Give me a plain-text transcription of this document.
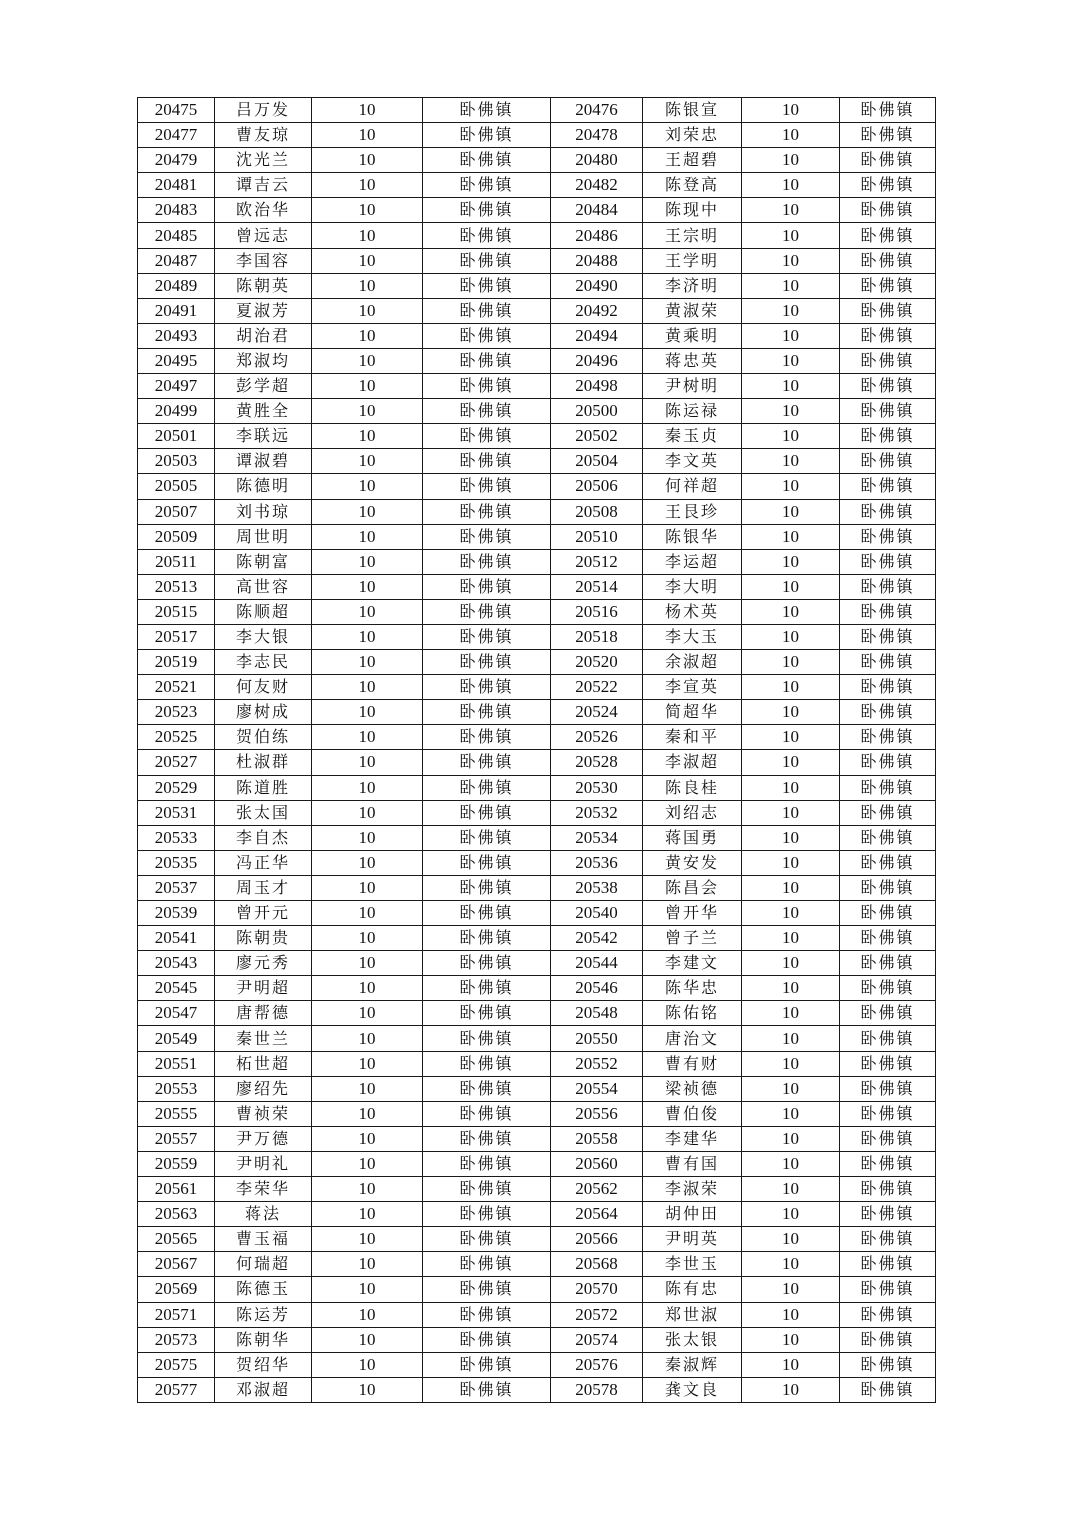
20475	吕万发	10	卧佛镇	20476	陈银宣	10	卧佛镇
20477	曹友琼	10	卧佛镇	20478	刘荣忠	10	卧佛镇
20479	沈光兰	10	卧佛镇	20480	王超碧	10	卧佛镇
20481	谭吉云	10	卧佛镇	20482	陈登高	10	卧佛镇
20483	欧治华	10	卧佛镇	20484	陈现中	10	卧佛镇
20485	曾远志	10	卧佛镇	20486	王宗明	10	卧佛镇
20487	李国容	10	卧佛镇	20488	王学明	10	卧佛镇
20489	陈朝英	10	卧佛镇	20490	李济明	10	卧佛镇
20491	夏淑芳	10	卧佛镇	20492	黄淑荣	10	卧佛镇
20493	胡治君	10	卧佛镇	20494	黄乘明	10	卧佛镇
20495	郑淑均	10	卧佛镇	20496	蒋忠英	10	卧佛镇
20497	彭学超	10	卧佛镇	20498	尹树明	10	卧佛镇
20499	黄胜全	10	卧佛镇	20500	陈运禄	10	卧佛镇
20501	李联远	10	卧佛镇	20502	秦玉贞	10	卧佛镇
20503	谭淑碧	10	卧佛镇	20504	李文英	10	卧佛镇
20505	陈德明	10	卧佛镇	20506	何祥超	10	卧佛镇
20507	刘书琼	10	卧佛镇	20508	王艮珍	10	卧佛镇
20509	周世明	10	卧佛镇	20510	陈银华	10	卧佛镇
20511	陈朝富	10	卧佛镇	20512	李运超	10	卧佛镇
20513	高世容	10	卧佛镇	20514	李大明	10	卧佛镇
20515	陈顺超	10	卧佛镇	20516	杨术英	10	卧佛镇
20517	李大银	10	卧佛镇	20518	李大玉	10	卧佛镇
20519	李志民	10	卧佛镇	20520	余淑超	10	卧佛镇
20521	何友财	10	卧佛镇	20522	李宣英	10	卧佛镇
20523	廖树成	10	卧佛镇	20524	简超华	10	卧佛镇
20525	贺伯练	10	卧佛镇	20526	秦和平	10	卧佛镇
20527	杜淑群	10	卧佛镇	20528	李淑超	10	卧佛镇
20529	陈道胜	10	卧佛镇	20530	陈良桂	10	卧佛镇
20531	张太国	10	卧佛镇	20532	刘绍志	10	卧佛镇
20533	李自杰	10	卧佛镇	20534	蒋国勇	10	卧佛镇
20535	冯正华	10	卧佛镇	20536	黄安发	10	卧佛镇
20537	周玉才	10	卧佛镇	20538	陈昌会	10	卧佛镇
20539	曾开元	10	卧佛镇	20540	曾开华	10	卧佛镇
20541	陈朝贵	10	卧佛镇	20542	曾子兰	10	卧佛镇
20543	廖元秀	10	卧佛镇	20544	李建文	10	卧佛镇
20545	尹明超	10	卧佛镇	20546	陈华忠	10	卧佛镇
20547	唐帮德	10	卧佛镇	20548	陈佑铭	10	卧佛镇
20549	秦世兰	10	卧佛镇	20550	唐治文	10	卧佛镇
20551	柘世超	10	卧佛镇	20552	曹有财	10	卧佛镇
20553	廖绍先	10	卧佛镇	20554	梁祯德	10	卧佛镇
20555	曹祯荣	10	卧佛镇	20556	曹伯俊	10	卧佛镇
20557	尹万德	10	卧佛镇	20558	李建华	10	卧佛镇
20559	尹明礼	10	卧佛镇	20560	曹有国	10	卧佛镇
20561	李荣华	10	卧佛镇	20562	李淑荣	10	卧佛镇
20563	蒋法	10	卧佛镇	20564	胡仲田	10	卧佛镇
20565	曹玉福	10	卧佛镇	20566	尹明英	10	卧佛镇
20567	何瑞超	10	卧佛镇	20568	李世玉	10	卧佛镇
20569	陈德玉	10	卧佛镇	20570	陈有忠	10	卧佛镇
20571	陈运芳	10	卧佛镇	20572	郑世淑	10	卧佛镇
20573	陈朝华	10	卧佛镇	20574	张太银	10	卧佛镇
20575	贺绍华	10	卧佛镇	20576	秦淑辉	10	卧佛镇
20577	邓淑超	10	卧佛镇	20578	龚文良	10	卧佛镇
